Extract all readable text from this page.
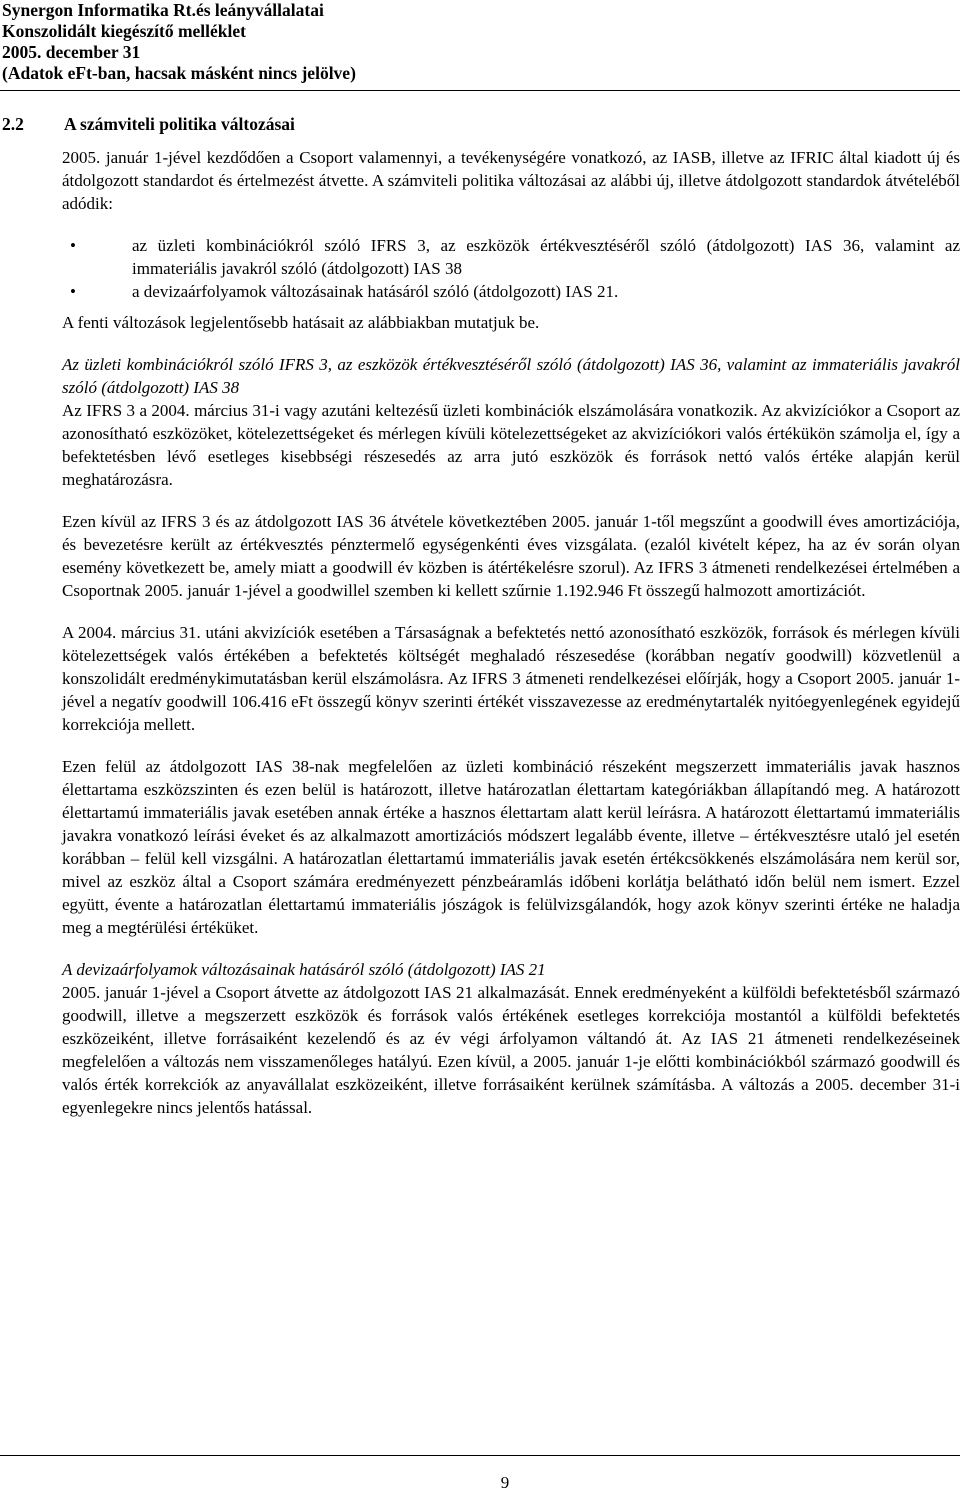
Synergon Informatika Rt.és leányvállalatai
Konszolidált kiegészítő melléklet
2005. december 31
(Adatok eFt-ban, hacsak másként nincs jelölve)
2.2 A számviteli politika változásai

2005. január 1-jével kezdődően a Csoport valamennyi, a tevékenységére vonatkozó, az IASB, illetve az IFRIC által kiadott új és átdolgozott standardot és értelmezést átvette. A számviteli politika változásai az alábbi új, illetve átdolgozott standardok átvételéből adódik:

•	az üzleti kombinációkról szóló IFRS 3, az eszközök értékvesztéséről szóló (átdolgozott) IAS 36, valamint az immateriális javakról szóló (átdolgozott) IAS 38
•	a devizaárfolyamok változásainak hatásáról szóló (átdolgozott) IAS 21.

A fenti változások legjelentősebb hatásait az alábbiakban mutatjuk be.

Az üzleti kombinációkról szóló IFRS 3, az eszközök értékvesztéséről szóló (átdolgozott) IAS 36, valamint az immateriális javakról szóló (átdolgozott) IAS 38

Az IFRS 3 a 2004. március 31-i vagy azutáni keltezésű üzleti kombinációk elszámolására vonatkozik. Az akvizíciókor a Csoport az azonosítható eszközöket, kötelezettségeket és mérlegen kívüli kötelezettségeket az akvizíciókori valós értékükön számolja el, így a befektetésben lévő esetleges kisebbségi részesedés az arra jutó eszközök és források nettó valós értéke alapján kerül meghatározásra.

Ezen kívül az IFRS 3 és az átdolgozott IAS 36 átvétele következtében 2005. január 1-től megszűnt a goodwill éves amortizációja, és bevezetésre került az értékvesztés pénztermelő egységenkénti éves vizsgálata. (ezalól kivételt képez, ha az év során olyan esemény következett be, amely miatt a goodwill év közben is átértékelésre szorul). Az IFRS 3 átmeneti rendelkezései értelmében a Csoportnak 2005. január 1-jével a goodwillel szemben ki kellett szűrnie 1.192.946 Ft összegű halmozott amortizációt.

A 2004. március 31. utáni akvizíciók esetében a Társaságnak a befektetés nettó azonosítható eszközök, források és mérlegen kívüli kötelezettségek valós értékében a befektetés költségét meghaladó részesedése (korábban negatív goodwill) közvetlenül a konszolidált eredménykimutatásban kerül elszámolásra. Az IFRS 3 átmeneti rendelkezései előírják, hogy a Csoport 2005. január 1-jével a negatív goodwill 106.416 eFt összegű könyv szerinti értékét visszavezesse az eredménytartalék nyitóegyenlegének egyidejű korrekciója mellett.

Ezen felül az átdolgozott IAS 38-nak megfelelően az üzleti kombináció részeként megszerzett immateriális javak hasznos élettartama eszközszinten és ezen belül is határozott, illetve határozatlan élettartam kategóriákban állapítandó meg. A határozott élettartamú immateriális javak esetében annak értéke a hasznos élettartam alatt kerül leírásra. A határozott élettartamú immateriális javakra vonatkozó leírási éveket és az alkalmazott amortizációs módszert legalább évente, illetve – értékvesztésre utaló jel esetén korábban – felül kell vizsgálni. A határozatlan élettartamú immateriális javak esetén értékcsökkenés elszámolására nem kerül sor, mivel az eszköz által a Csoport számára eredményezett pénzbeáramlás időbeni korlátja belátható időn belül nem ismert. Ezzel együtt, évente a határozatlan élettartamú immateriális jószágok is felülvizsgálandók, hogy azok könyv szerinti értéke ne haladja meg a megtérülési értéküket.

A devizaárfolyamok változásainak hatásáról szóló (átdolgozott) IAS 21

2005. január 1-jével a Csoport átvette az átdolgozott IAS 21 alkalmazását. Ennek eredményeként a külföldi befektetésből származó goodwill, illetve a megszerzett eszközök és források valós értékének esetleges korrekciója mostantól a külföldi befektetés eszközeiként, illetve forrásaiként kezelendő és az év végi árfolyamon váltandó át. Az IAS 21 átmeneti rendelkezéseinek megfelelően a változás nem visszamenőleges hatályú. Ezen kívül, a 2005. január 1-je előtti kombinációkból származó goodwill és valós érték korrekciók az anyavállalat eszközeiként, illetve forrásaiként kerülnek számításba. A változás a 2005. december 31-i egyenlegekre nincs jelentős hatással.

9
